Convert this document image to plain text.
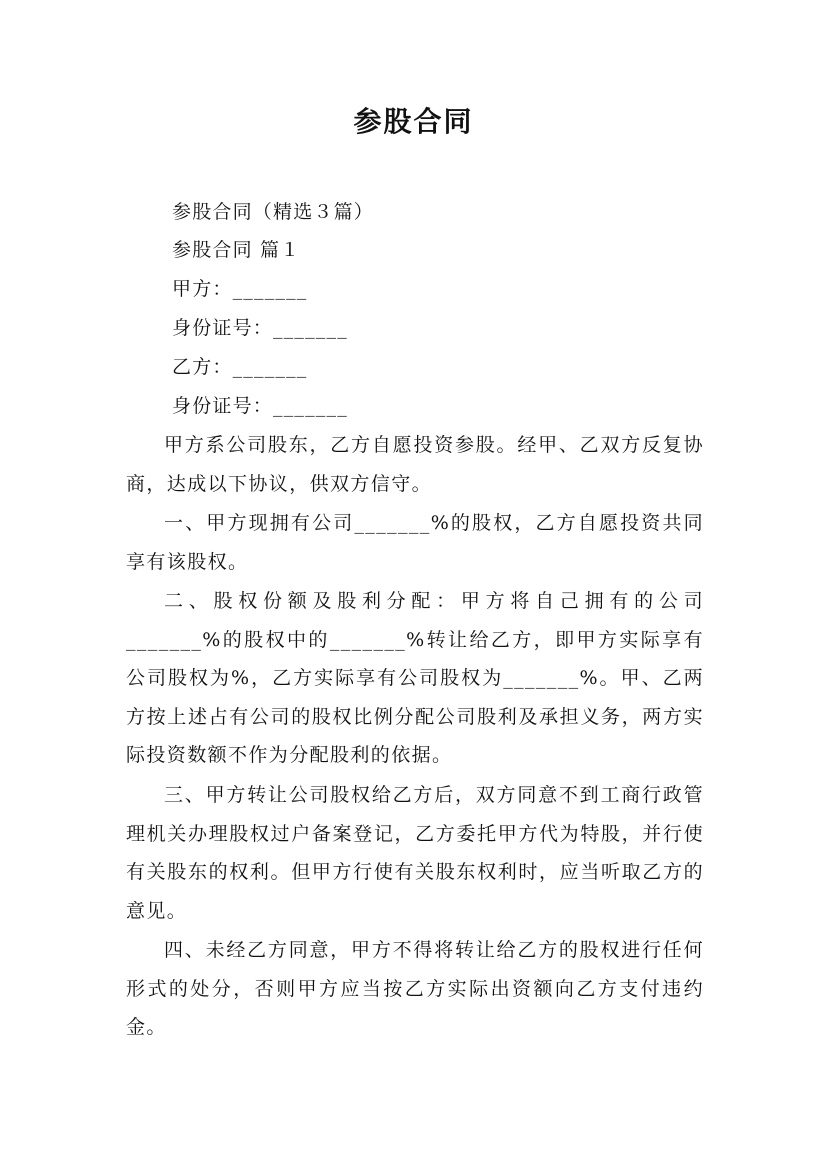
参股合同
参股合同（精选３篇）
参股合同 篇１
甲方：_______
身份证号：_______
乙方：_______
身份证号：_______
甲方系公司股东，乙方自愿投资参股。经甲、乙双方反复协商，达成以下协议，供双方信守。
一、甲方现拥有公司_______%的股权，乙方自愿投资共同享有该股权。
二、股权份额及股利分配：甲方将自己拥有的公司_______%的股权中的_______%转让给乙方，即甲方实际享有公司股权为%，乙方实际享有公司股权为_______%。甲、乙两方按上述占有公司的股权比例分配公司股利及承担义务，两方实际投资数额不作为分配股利的依据。
三、甲方转让公司股权给乙方后，双方同意不到工商行政管理机关办理股权过户备案登记，乙方委托甲方代为特股，并行使有关股东的权利。但甲方行使有关股东权利时，应当听取乙方的意见。
四、未经乙方同意，甲方不得将转让给乙方的股权进行任何形式的处分，否则甲方应当按乙方实际出资额向乙方支付违约金。
